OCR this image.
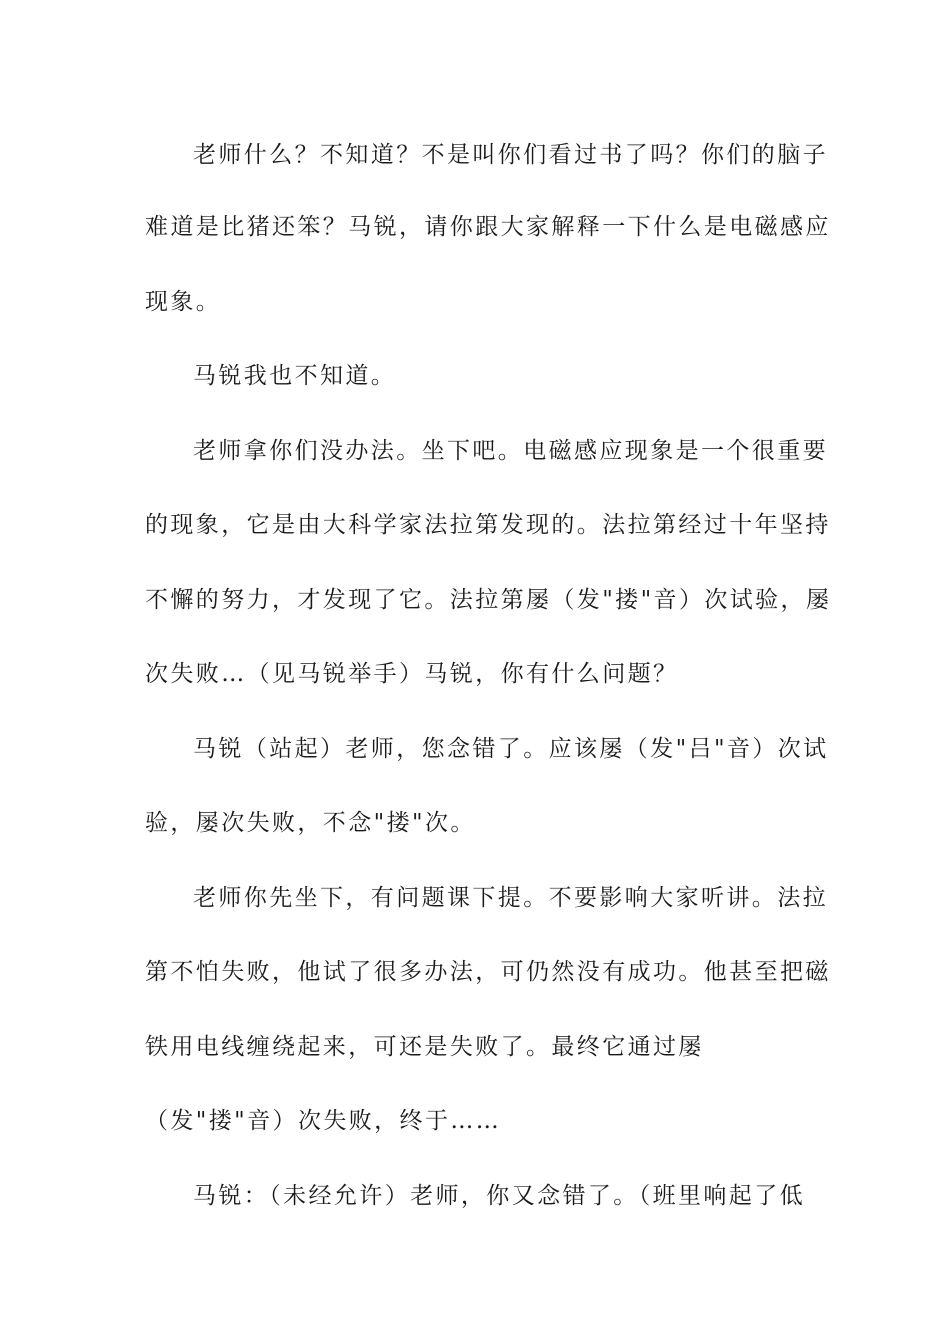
老师什么？不知道？不是叫你们看过书了吗？你们的脑子
难道是比猪还笨？马锐，请你跟大家解释一下什么是电磁感应
现象。
马锐我也不知道。
老师拿你们没办法。坐下吧。电磁感应现象是一个很重要
的现象，它是由大科学家法拉第发现的。法拉第经过十年坚持
不懈的努力，才发现了它。法拉第屡（发"搂"音）次试验，屡
次失败…（见马锐举手）马锐，你有什么问题？
马锐（站起）老师，您念错了。应该屡（发"吕"音）次试
验，屡次失败，不念"搂"次。
老师你先坐下，有问题课下提。不要影响大家听讲。法拉
第不怕失败，他试了很多办法，可仍然没有成功。他甚至把磁
铁用电线缠绕起来，可还是失败了。最终它通过屡
（发"搂"音）次失败，终于……
马锐：（未经允许）老师，你又念错了。（班里响起了低
